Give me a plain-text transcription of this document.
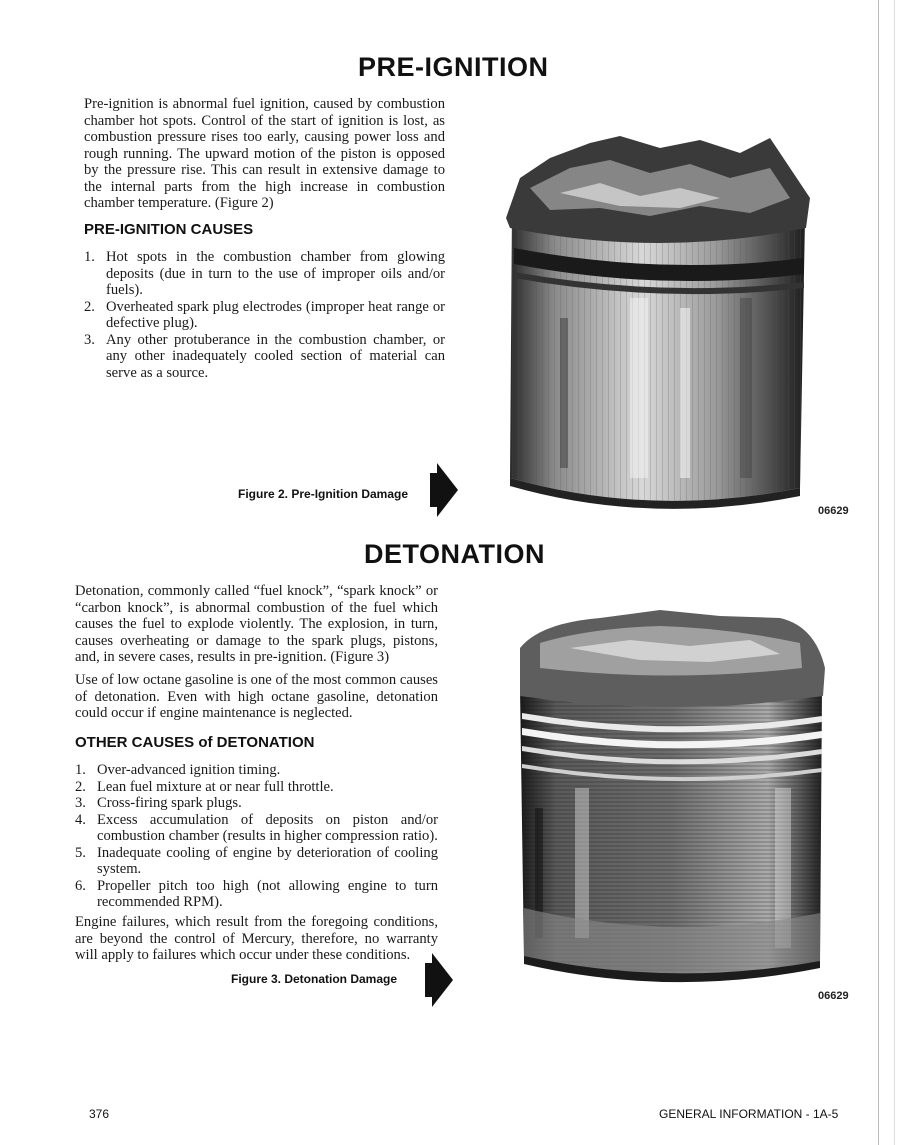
PRE-IGNITION
Pre-ignition is abnormal fuel ignition, caused by combustion chamber hot spots. Control of the start of ignition is lost, as combustion pressure rises too early, causing power loss and rough running. The upward motion of the piston is opposed by the pressure rise. This can result in extensive damage to the internal parts from the high increase in combustion chamber temperature. (Figure 2)
PRE-IGNITION CAUSES
1. Hot spots in the combustion chamber from glowing deposits (due in turn to the use of improper oils and/or fuels).
2. Overheated spark plug electrodes (improper heat range or defective plug).
3. Any other protuberance in the combustion chamber, or any other inadequately cooled section of material can serve as a source.
Figure 2. Pre-Ignition Damage
06629
DETONATION
Detonation, commonly called “fuel knock”, “spark knock” or “carbon knock”, is abnormal combustion of the fuel which causes the fuel to explode violently. The explosion, in turn, causes overheating or damage to the spark plugs, pistons, and, in severe cases, results in pre-ignition. (Figure 3)
Use of low octane gasoline is one of the most common causes of detonation. Even with high octane gasoline, detonation could occur if engine maintenance is neglected.
OTHER CAUSES of DETONATION
1. Over-advanced ignition timing.
2. Lean fuel mixture at or near full throttle.
3. Cross-firing spark plugs.
4. Excess accumulation of deposits on piston and/or combustion chamber (results in higher compression ratio).
5. Inadequate cooling of engine by deterioration of cooling system.
6. Propeller pitch too high (not allowing engine to turn recommended RPM).
Engine failures, which result from the foregoing conditions, are beyond the control of Mercury, therefore, no warranty will apply to failures which occur under these conditions.
Figure 3. Detonation Damage
06629
376	GENERAL INFORMATION - 1A-5
